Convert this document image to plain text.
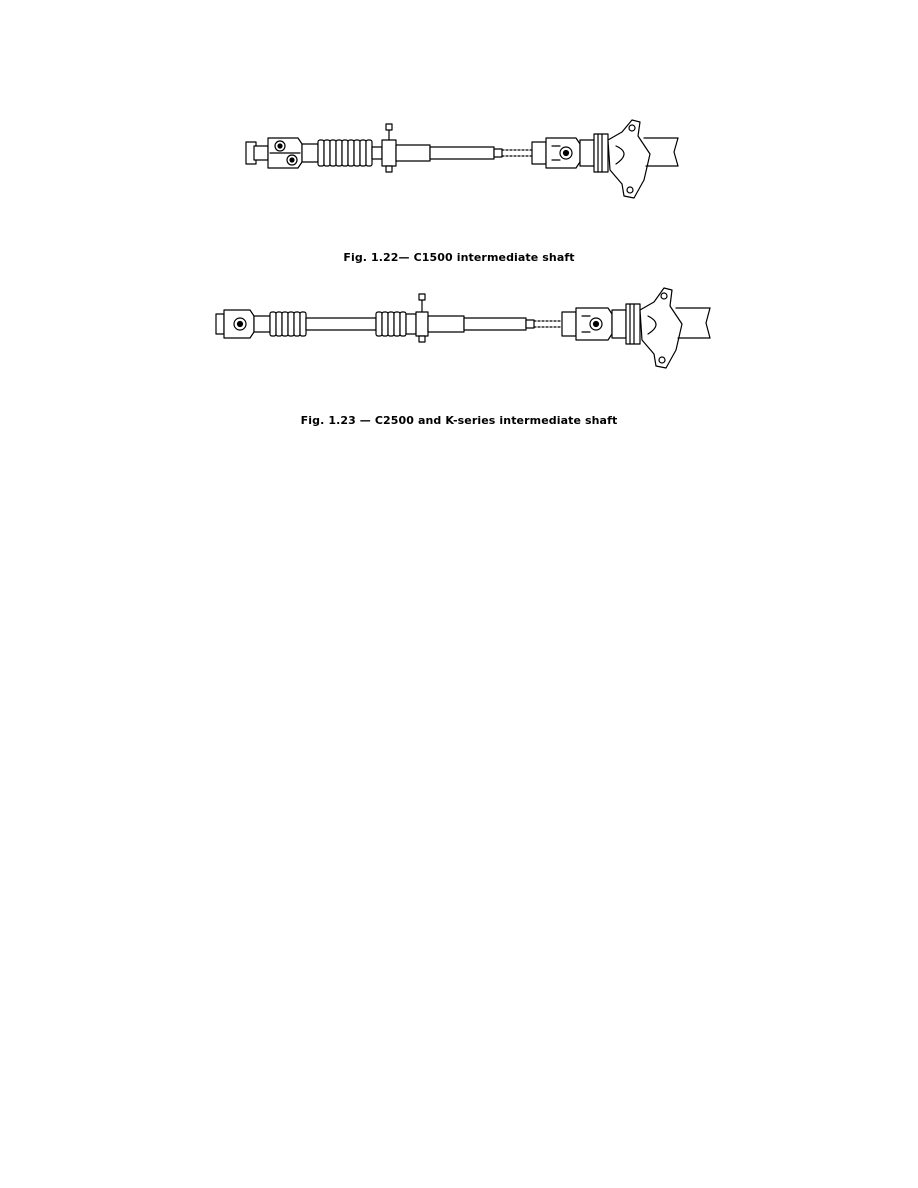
Fig. 1.22— C1500 intermediate shaft
Fig. 1.23 — C2500 and K-series intermediate shaft
